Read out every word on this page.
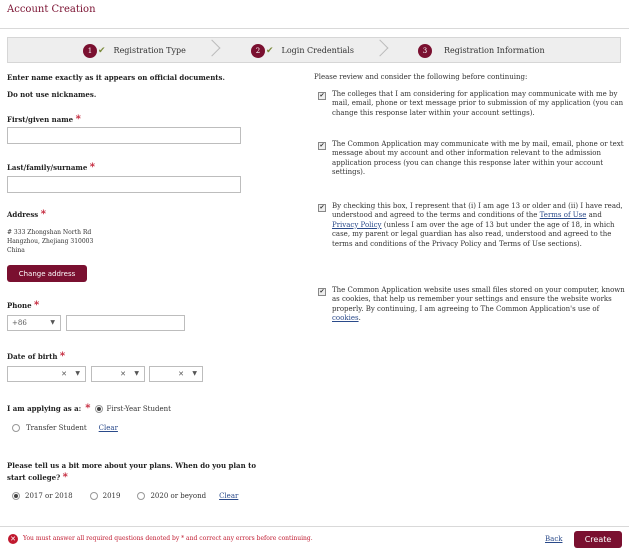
Account Creation
1 ✔ Registration Type	2 ✔ Login Credentials	3	Registration Information
Enter name exactly as it appears on official documents.
Do not use nicknames.
First/given name *
Last/family/surname *
Address *
# 333 Zhongshan North Rd
Hangzhou, Zhejiang 310003
China
Change address
Phone *
+86	▼
Date of birth *
✕ ▼	✕ ▼	✕ ▼
I am applying as a: * First-Year Student
Transfer Student Clear
Please tell us a bit more about your plans. When do you plan to
start college? *
2017 or 2018	2019	2020 or beyond Clear
Please review and consider the following before continuing:
✔ The colleges that I am considering for application may communicate with me by mail, email, phone or text message prior to submission of my application (you can change this response later within your account settings).
✔ The Common Application may communicate with me by mail, email, phone or text message about my account and other information relevant to the admission application process (you can change this response later within your account settings).
✔ By checking this box, I represent that (i) I am age 13 or older and (ii) I have read, understood and agreed to the terms and conditions of the Terms of Use and Privacy Policy (unless I am over the age of 13 but under the age of 18, in which case, my parent or legal guardian has also read, understood and agreed to the terms and conditions of the Privacy Policy and Terms of Use sections).
✔ The Common Application website uses small files stored on your computer, known as cookies, that help us remember your settings and ensure the website works properly. By continuing, I am agreeing to The Common Application's use of cookies.
✕	You must answer all required questions denoted by * and correct any errors before continuing.	Back	Create
